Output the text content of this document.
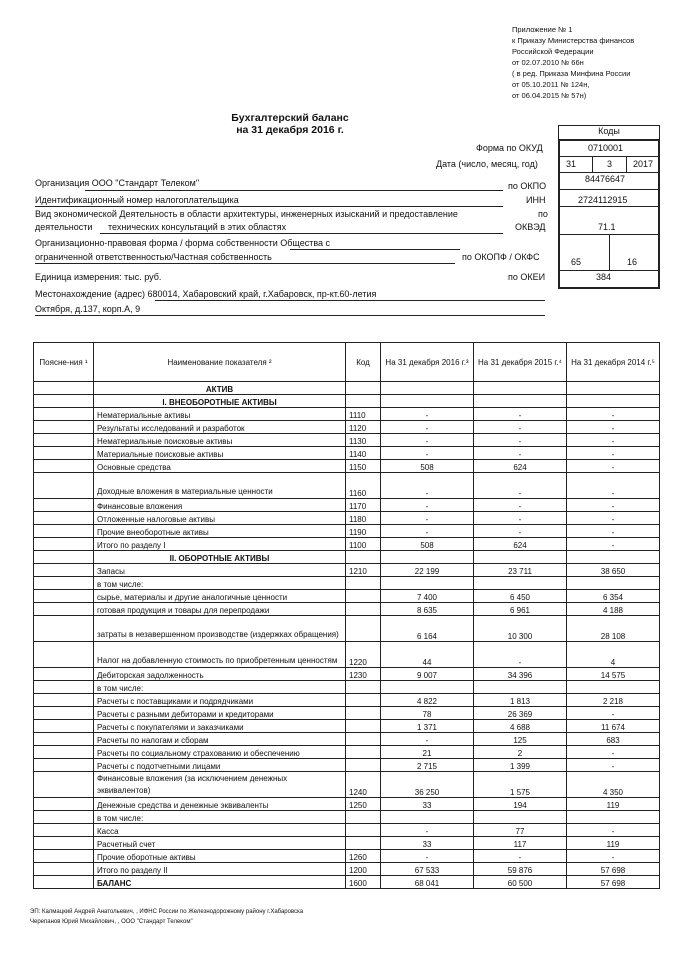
Приложение № 1
к Приказу Министерства финансов
Российской Федерации
от 02.07.2010 № 66н
( в ред. Приказа Минфина России
от 05.10.2011 № 124н,
от 06.04.2015 № 57н)
Бухгалтерский баланс
на 31 декабря 2016 г.	Коды
Форма по ОКУД	0710001
Дата (число, месяц, год)	31	3 2017
по ОКПО
84476647
ИНН	2724112915
по
ОКВЭД	71.1
по ОКОПФ / ОКФС	65	16
по ОКЕИ	384
Организация ООО "Стандарт Телеком"
Идентификационный номер налогоплательщика
Вид экономической Деятельность в области архитектуры, инженерных изысканий и предоставление
деятельности технических консультаций в этих областях
Организационно-правовая форма / форма собственности Общества с
ограниченной ответственностью/Частная собственность
Единица измерения: тыс. руб.
Местонахождение (адрес) 680014, Хабаровский край, г.Хабаровск, пр-кт.60-летия
Октября, д.137, корп.А, 9
Поясне-ния ¹	Наименование показателя ²	Код	На 31 декабря 2016 г.³	На 31 декабря 2015 г.⁴	На 31 декабря 2014 г.⁵
	АКТИВ				
	I. ВНЕОБОРОТНЫЕ АКТИВЫ				
	Нематериальные активы	1110	-	-	-
	Результаты исследований и разработок	1120	-	-	-
	Нематериальные поисковые активы	1130	-	-	-
	Материальные поисковые активы	1140	-	-	-
	Основные средства	1150	508	624	-
	Доходные вложения в материальные ценности	1160	-	-	-
	Финансовые вложения	1170	-	-	-
	Отложенные налоговые активы	1180	-	-	-
	Прочие внеоборотные активы	1190	-	-	-
	Итого по разделу I	1100	508	624	-
	II. ОБОРОТНЫЕ АКТИВЫ				
	Запасы	1210	22 199	23 711	38 650
	в том числе:				
	сырье, материалы и другие аналогичные ценности		7 400	6 450	6 354
	готовая продукция и товары для перепродажи		8 635	6 961	4 188
	затраты в незавершенном производстве (издержках обращения)		6 164	10 300	28 108
	Налог на добавленную стоимость по приобретенным ценностям	1220	44	-	4
	Дебиторская задолженность	1230	9 007	34 396	14 575
	в том числе:				
	Расчеты с поставщиками и подрядчиками		4 822	1 813	2 218
	Расчеты с разными дебиторами и кредиторами		78	26 369	-
	Расчеты с покупателями и заказчиками		1 371	4 688	11 674
	Расчеты по налогам и сборам		-	125	683
	Расчеты по социальному страхованию и обеспечению		21	2	-
	Расчеты с подотчетными лицами		2 715	1 399	-
	Финансовые вложения (за исключением денежных эквивалентов)	1240	36 250	1 575	4 350
	Денежные средства и денежные эквиваленты	1250	33	194	119
	в том числе:				
	Касса		-	77	-
	Расчетный счет		33	117	119
	Прочие оборотные активы	1260	-	-	-
	Итого по разделу II	1200	67 533	59 876	57 698
	БАЛАНС	1600	68 041	60 500	57 698
ЭП: Калмацкий Андрей Анатольевич, , ИФНС России по Железнодорожному району г.Хабаровска
Черепанов Юрий Михайлович, , ООО "Стандарт Телеком"
